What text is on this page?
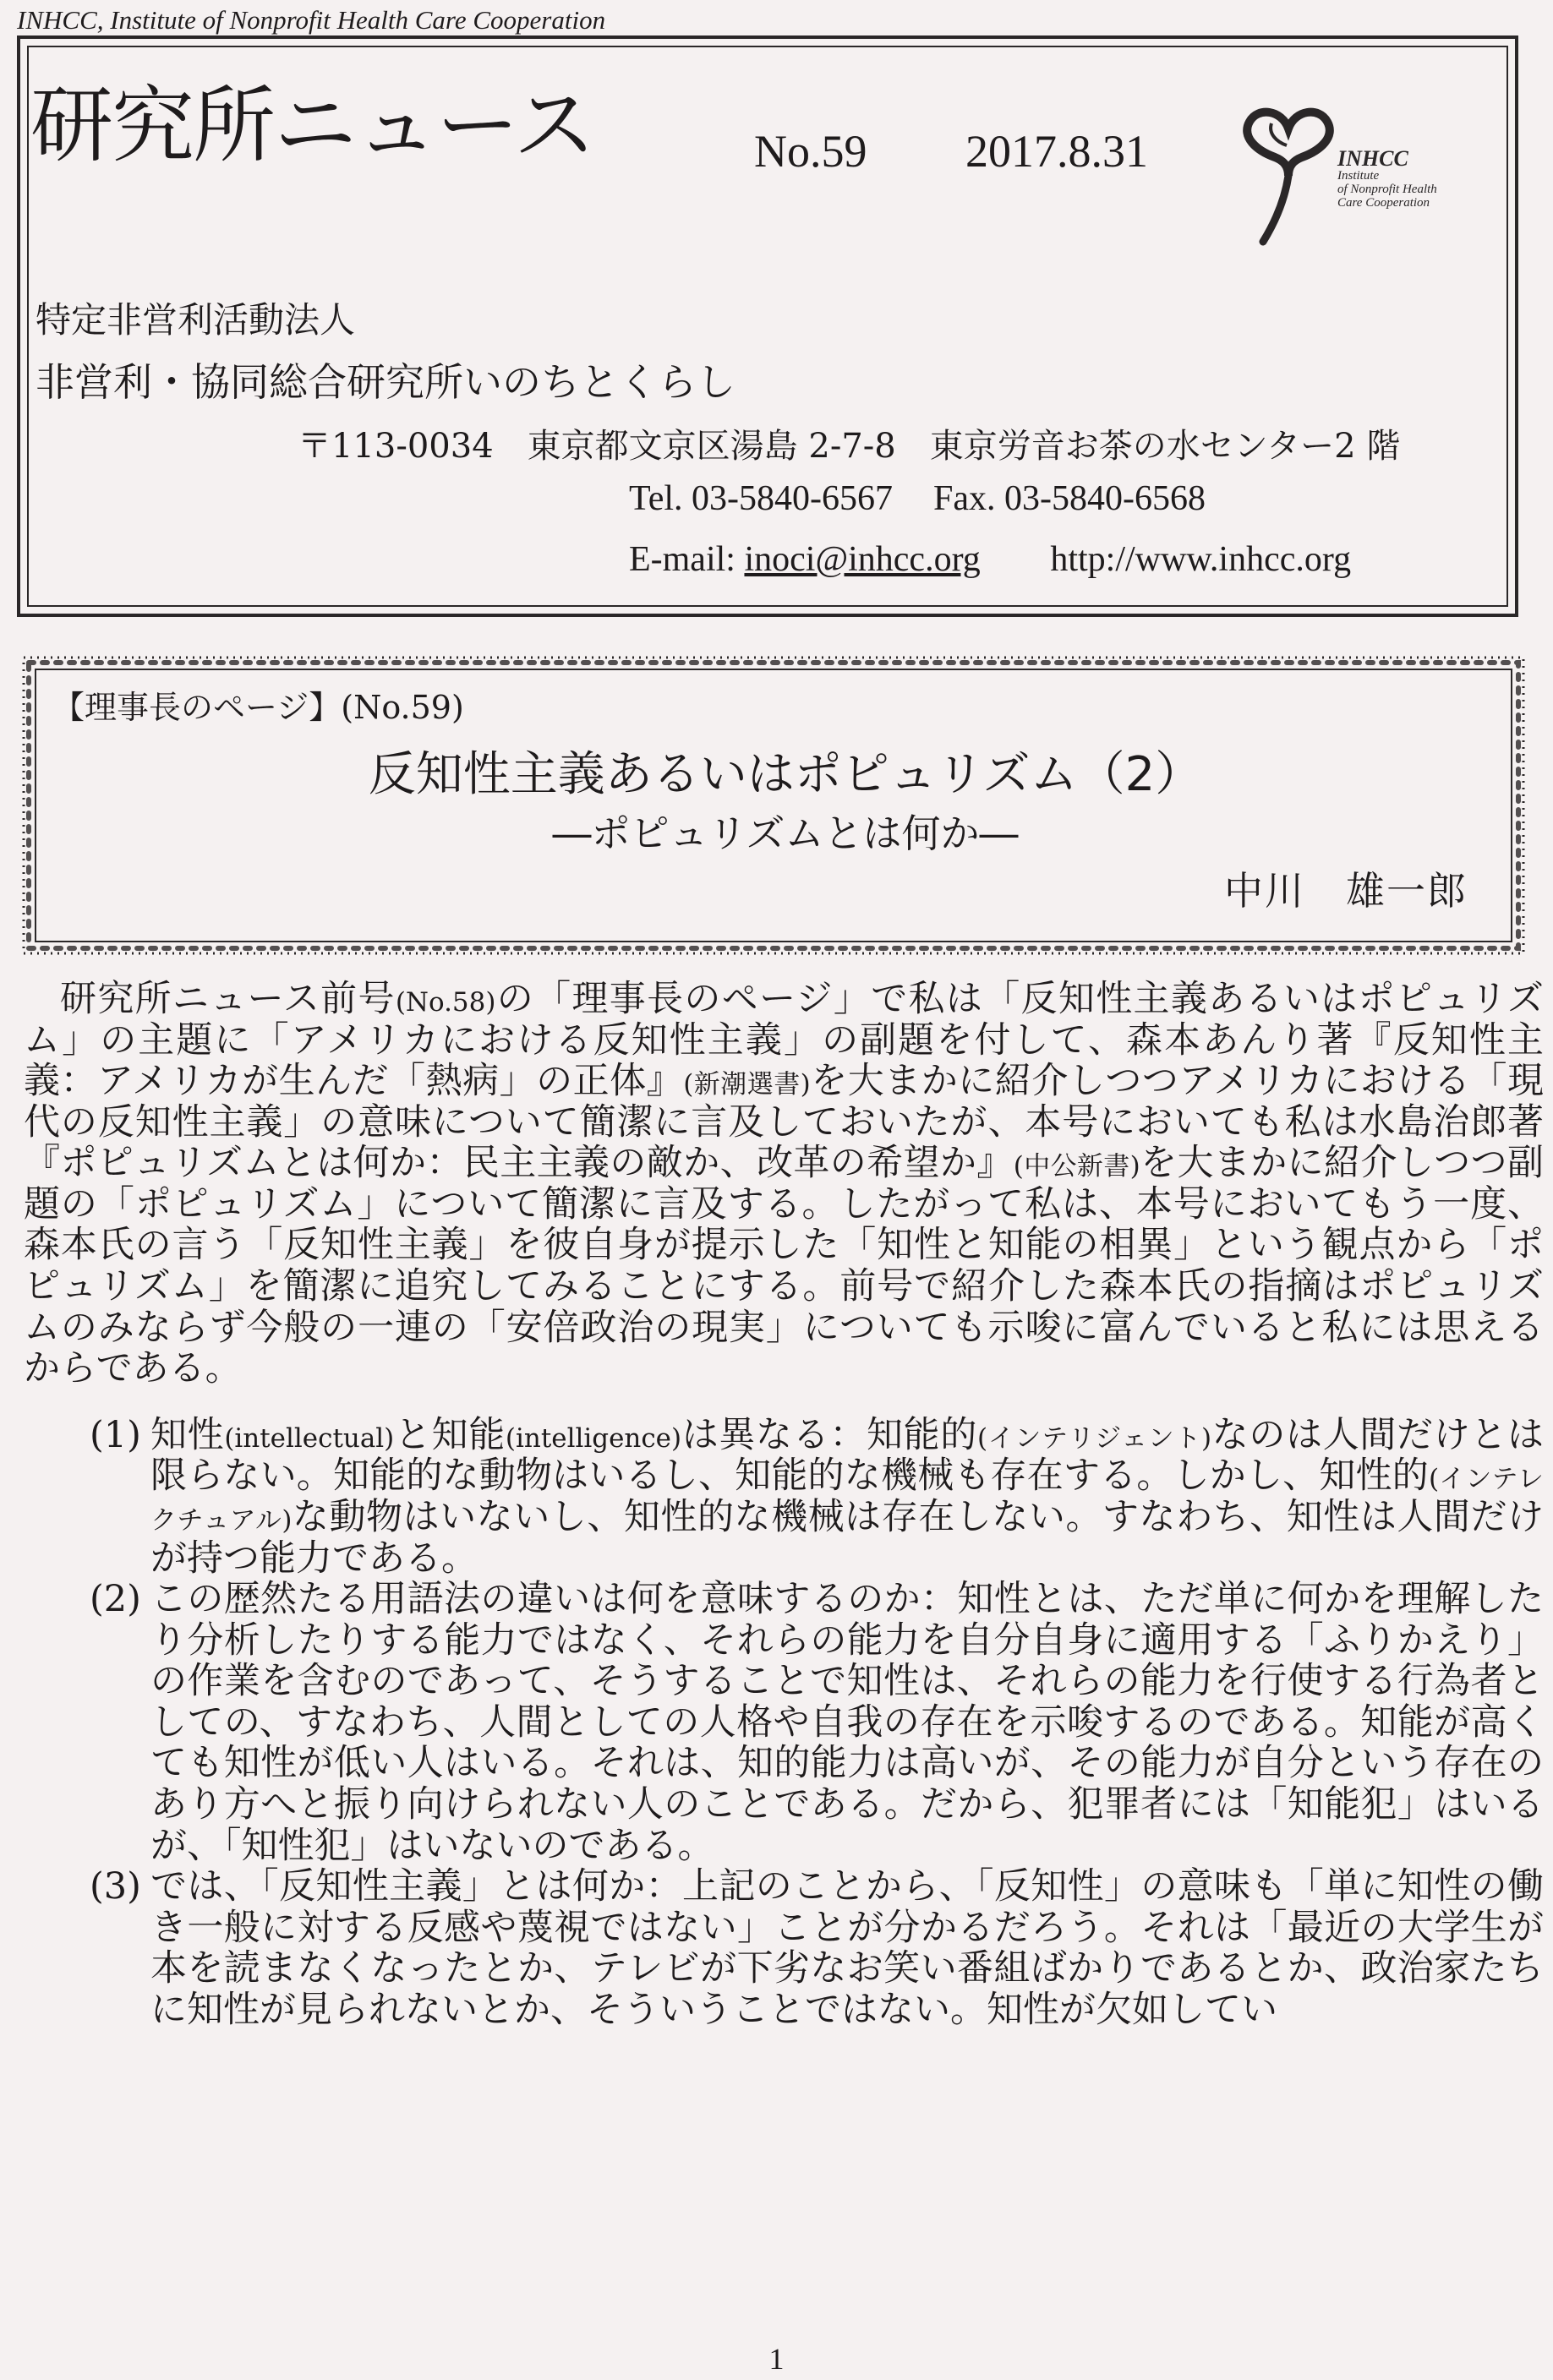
INHCC, Institute of Nonprofit Health Care Cooperation
研究所ニュース	No.59 2017.8.31	INHCC
Institute
of Nonprofit Health
Care Cooperation
特定非営利活動法人
非営利・協同総合研究所いのちとくらし
〒113-0034　東京都文京区湯島 2-7-8　東京労音お茶の水センター2 階
Tel. 03-5840-6567 Fax. 03-5840-6568
E-mail: inoci@inhcc.org http://www.inhcc.org
【理事長のページ】(No.59)
反知性主義あるいはポピュリズム（2）
―ポピュリズムとは何か―
中川　雄一郎

研究所ニュース前号(No.58)の「理事長のページ」で私は「反知性主義あるいはポピュリズム」の主題に「アメリカにおける反知性主義」の副題を付して、森本あんり著『反知性主義：アメリカが生んだ「熱病」の正体』(新潮選書)を大まかに紹介しつつアメリカにおける「現代の反知性主義」の意味について簡潔に言及しておいたが、本号においても私は水島治郎著『ポピュリズムとは何か：民主主義の敵か、改革の希望か』(中公新書)を大まかに紹介しつつ副題の「ポピュリズム」について簡潔に言及する。したがって私は、本号においてもう一度、森本氏の言う「反知性主義」を彼自身が提示した「知性と知能の相異」という観点から「ポピュリズム」を簡潔に追究してみることにする。前号で紹介した森本氏の指摘はポピュリズムのみならず今般の一連の「安倍政治の現実」についても示唆に富んでいると私には思えるからである。

(1) 知性(intellectual)と知能(intelligence)は異なる：知能的(インテリジェント)なのは人間だけとは限らない。知能的な動物はいるし、知能的な機械も存在する。しかし、知性的(インテレクチュアル)な動物はいないし、知性的な機械は存在しない。すなわち、知性は人間だけが持つ能力である。
(2) この歴然たる用語法の違いは何を意味するのか：知性とは、ただ単に何かを理解したり分析したりする能力ではなく、それらの能力を自分自身に適用する「ふりかえり」の作業を含むのであって、そうすることで知性は、それらの能力を行使する行為者としての、すなわち、人間としての人格や自我の存在を示唆するのである。知能が高くても知性が低い人はいる。それは、知的能力は高いが、その能力が自分という存在のあり方へと振り向けられない人のことである。だから、犯罪者には「知能犯」はいるが、「知性犯」はいないのである。
(3) では、「反知性主義」とは何か：上記のことから、「反知性」の意味も「単に知性の働き一般に対する反感や蔑視ではない」ことが分かるだろう。それは「最近の大学生が本を読まなくなったとか、テレビが下劣なお笑い番組ばかりであるとか、政治家たちに知性が見られないとか、そういうことではない。知性が欠如してい
1
